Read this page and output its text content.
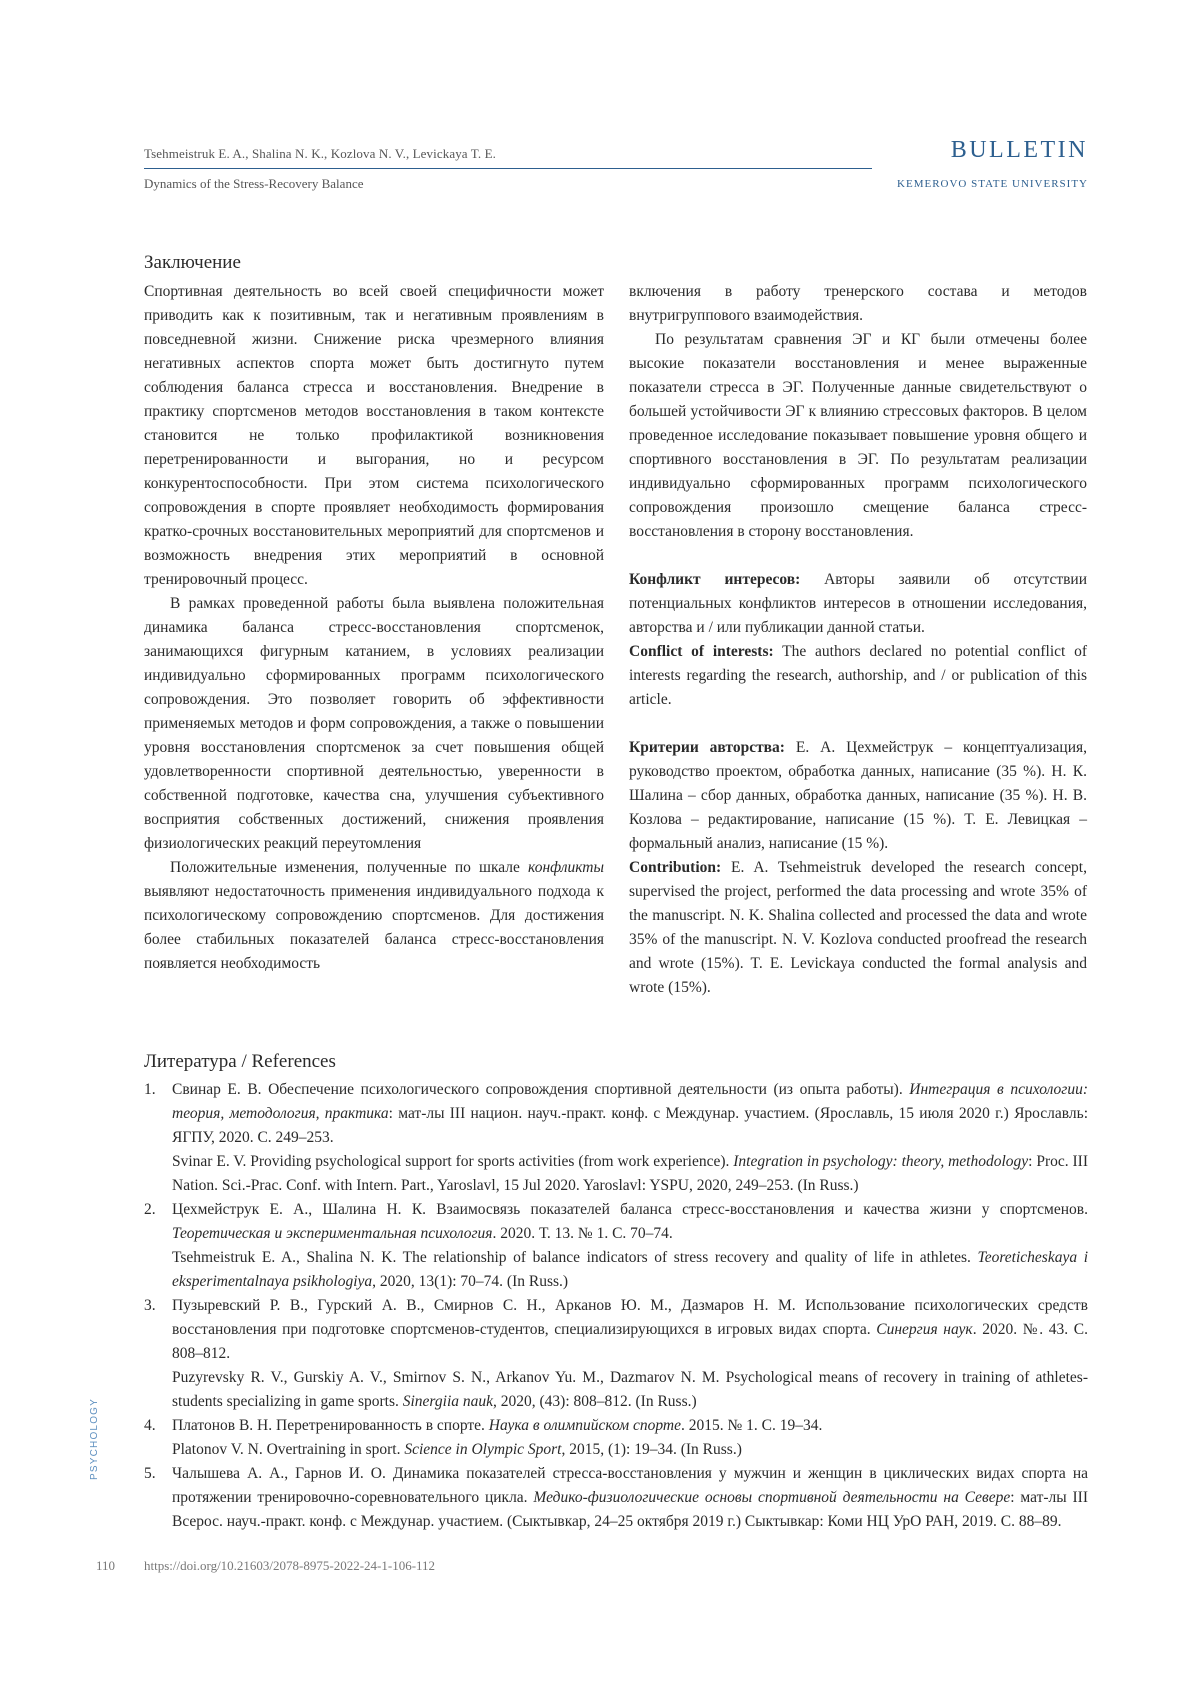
Tsehmeistruk E. A., Shalina N. K., Kozlova N. V., Levickaya T. E.
Dynamics of the Stress-Recovery Balance
BULLETIN
KEMEROVO STATE UNIVERSITY
Заключение

Спортивная деятельность во всей своей специфичности может приводить как к позитивным, так и негативным проявлениям в повседневной жизни. Снижение риска чрезмерного влияния негативных аспектов спорта может быть достигнуто путем соблюдения баланса стресса и восстановления. Внедрение в практику спортсменов методов восстановления в таком контексте становится не только профилактикой возникновения перетренированности и выгорания, но и ресурсом конкурентоспособности. При этом система психологического сопровождения в спорте проявляет необходимость формирования кратко-срочных восстановительных мероприятий для спортсменов и возможность внедрения этих мероприятий в основной тренировочный процесс.

В рамках проведенной работы была выявлена положительная динамика баланса стресс-восстановления спортсменок, занимающихся фигурным катанием, в условиях реализации индивидуально сформированных программ психологического сопровождения. Это позволяет говорить об эффективности применяемых методов и форм сопровождения, а также о повышении уровня восстановления спортсменок за счет повышения общей удовлетворенности спортивной деятельностью, уверенности в собственной подготовке, качества сна, улучшения субъективного восприятия собственных достижений, снижения проявления физиологических реакций переутомления

Положительные изменения, полученные по шкале конфликты выявляют недостаточность применения индивидуального подхода к психологическому сопровождению спортсменов. Для достижения более стабильных показателей баланса стресс-восстановления появляется необходимость

включения в работу тренерского состава и методов внутригруппового взаимодействия.

По результатам сравнения ЭГ и КГ были отмечены более высокие показатели восстановления и менее выраженные показатели стресса в ЭГ. Полученные данные свидетельствуют о большей устойчивости ЭГ к влиянию стрессовых факторов. В целом проведенное исследование показывает повышение уровня общего и спортивного восстановления в ЭГ. По результатам реализации индивидуально сформированных программ психологического сопровождения произошло смещение баланса стресс-восстановления в сторону восстановления.

Конфликт интересов: Авторы заявили об отсутствии потенциальных конфликтов интересов в отношении исследования, авторства и / или публикации данной статьи.

Conflict of interests: The authors declared no potential conflict of interests regarding the research, authorship, and / or publication of this article.

Критерии авторства: Е. А. Цехмейструк – концептуализация, руководство проектом, обработка данных, написание (35 %). Н. К. Шалина – сбор данных, обработка данных, написание (35 %). Н. В. Козлова – редактирование, написание (15 %). Т. Е. Левицкая – формальный анализ, написание (15 %).

Contribution: E. A. Tsehmeistruk developed the research concept, supervised the project, performed the data processing and wrote 35% of the manuscript. N. K. Shalina collected and processed the data and wrote 35% of the manuscript. N. V. Kozlova conducted proofread the research and wrote (15%). T. E. Levickaya conducted the formal analysis and wrote (15%).

Литература / References
1.	Свинар Е. В. Обеспечение психологического сопровождения спортивной деятельности (из опыта работы). Интеграция в психологии: теория, методология, практика: мат-лы III национ. науч.-практ. конф. с Междунар. участием. (Ярославль, 15 июля 2020 г.) Ярославль: ЯГПУ, 2020. С. 249–253.

Svinar E. V. Providing psychological support for sports activities (from work experience). Integration in psychology: theory, methodology: Proc. III Nation. Sci.-Prac. Conf. with Intern. Part., Yaroslavl, 15 Jul 2020. Yaroslavl: YSPU, 2020, 249–253. (In Russ.)

2.	Цехмейструк Е. А., Шалина Н. К. Взаимосвязь показателей баланса стресс-восстановления и качества жизни у спортсменов. Теоретическая и экспериментальная психология. 2020. Т. 13. № 1. С. 70–74.

Tsehmeistruk E. A., Shalina N. K. The relationship of balance indicators of stress recovery and quality of life in athletes. Teoreticheskaya i eksperimentalnaya psikhologiya, 2020, 13(1): 70–74. (In Russ.)

3.	Пузыревский Р. В., Гурский А. В., Смирнов С. Н., Арканов Ю. М., Дазмаров Н. М. Использование психологических средств восстановления при подготовке спортсменов-студентов, специализирующихся в игровых видах спорта. Синергия наук. 2020. №. 43. С. 808–812.

Puzyrevsky R. V., Gurskiy A. V., Smirnov S. N., Arkanov Yu. M., Dazmarov N. M. Psychological means of recovery in training of athletes-students specializing in game sports. Sinergiia nauk, 2020, (43): 808–812. (In Russ.)

4.	Платонов В. Н. Перетренированность в спорте. Наука в олимпийском спорте. 2015. № 1. С. 19–34.

Platonov V. N. Overtraining in sport. Science in Olympic Sport, 2015, (1): 19–34. (In Russ.)

5.	Чалышева А. А., Гарнов И. О. Динамика показателей стресса-восстановления у мужчин и женщин в циклических видах спорта на протяжении тренировочно-соревновательного цикла. Медико-физиологические основы спортивной деятельности на Севере: мат-лы III Всерос. науч.-практ. конф. с Междунар. участием. (Сыктывкар, 24–25 октября 2019 г.) Сыктывкар: Коми НЦ УрО РАН, 2019. С. 88–89.

PSYCHOLOGY
110 https://doi.org/10.21603/2078-8975-2022-24-1-106-112
